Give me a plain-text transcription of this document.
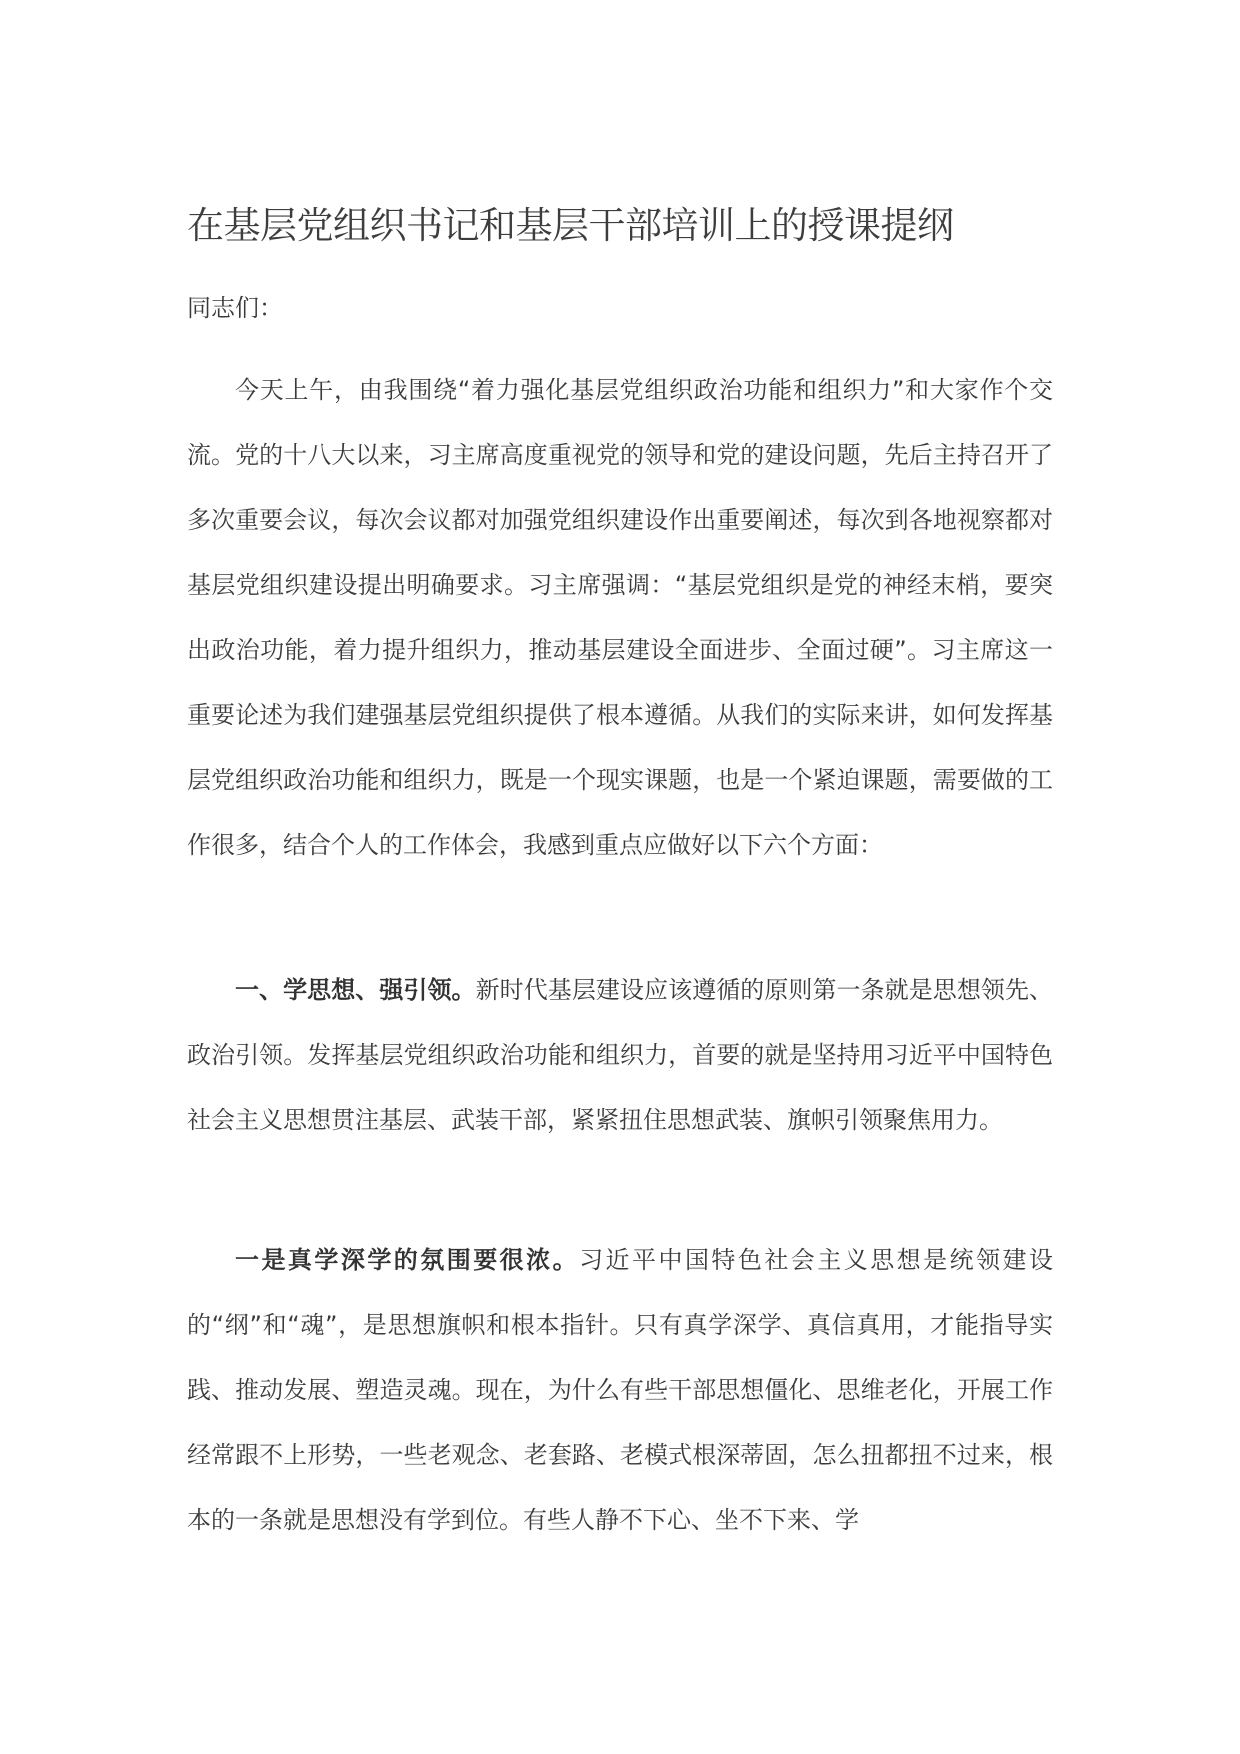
在基层党组织书记和基层干部培训上的授课提纲

同志们：

今天上午，由我围绕“着力强化基层党组织政治功能和组织力”和大家作个交流。党的十八大以来，习主席高度重视党的领导和党的建设问题，先后主持召开了多次重要会议，每次会议都对加强党组织建设作出重要阐述，每次到各地视察都对基层党组织建设提出明确要求。习主席强调：“基层党组织是党的神经末梢，要突出政治功能，着力提升组织力，推动基层建设全面进步、全面过硬”。习主席这一重要论述为我们建强基层党组织提供了根本遵循。从我们的实际来讲，如何发挥基层党组织政治功能和组织力，既是一个现实课题，也是一个紧迫课题，需要做的工作很多，结合个人的工作体会，我感到重点应做好以下六个方面：

一、学思想、强引领。新时代基层建设应该遵循的原则第一条就是思想领先、政治引领。发挥基层党组织政治功能和组织力，首要的就是坚持用习近平中国特色社会主义思想贯注基层、武装干部，紧紧扭住思想武装、旗帜引领聚焦用力。

一是真学深学的氛围要很浓。习近平中国特色社会主义思想是统领建设的“纲”和“魂”，是思想旗帜和根本指针。只有真学深学、真信真用，才能指导实践、推动发展、塑造灵魂。现在，为什么有些干部思想僵化、思维老化，开展工作经常跟不上形势，一些老观念、老套路、老模式根深蒂固，怎么扭都扭不过来，根本的一条就是思想没有学到位。有些人静不下心、坐不下来、学
